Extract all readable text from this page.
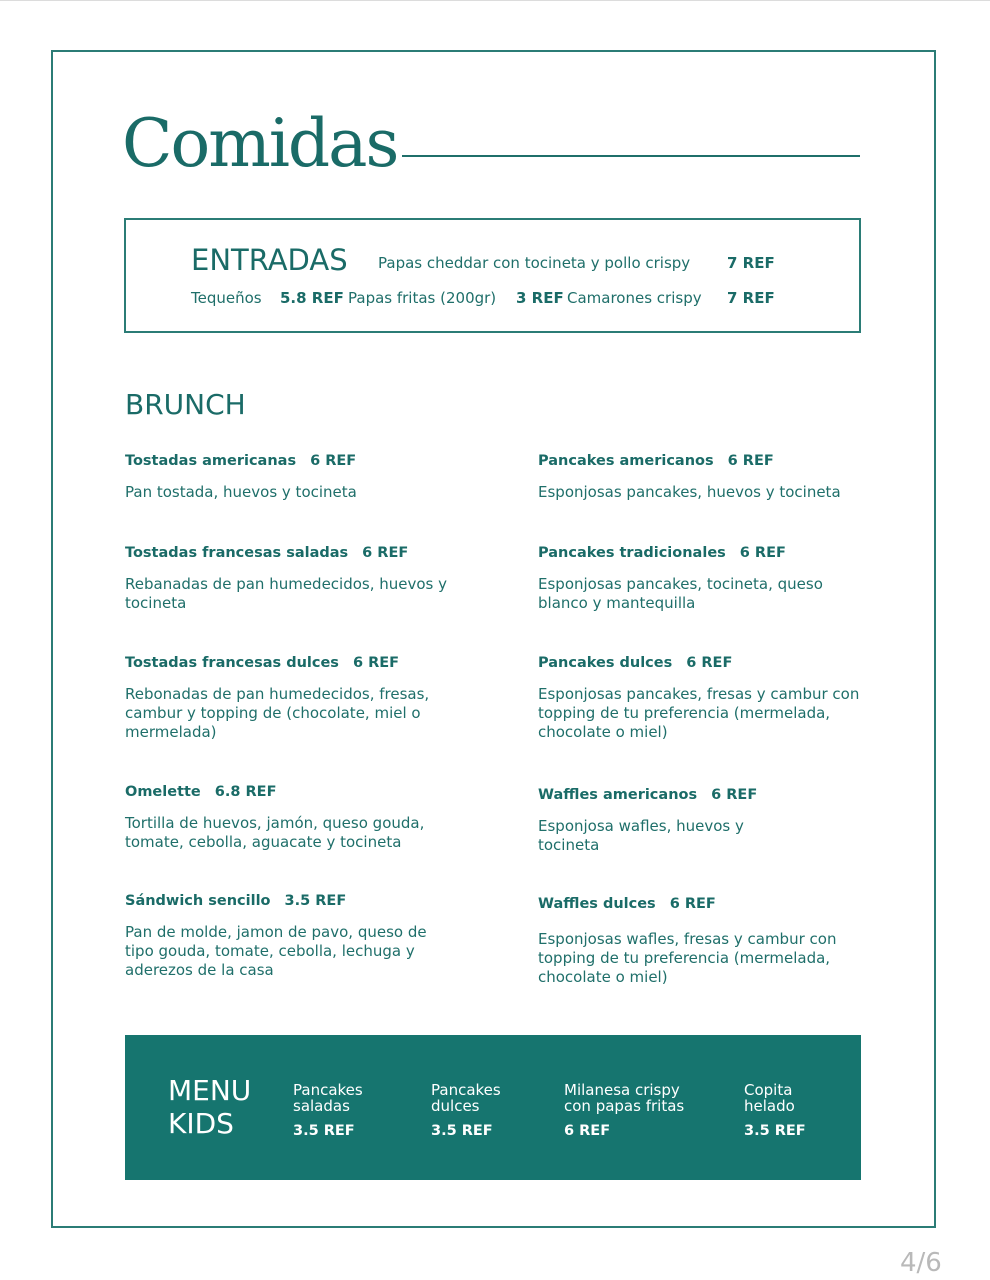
Comidas
ENTRADAS Papas cheddar con tocineta y pollo crispy 7 REF
Tequeños 5.8 REF Papas fritas (200gr) 3 REF Camarones crispy 7 REF
BRUNCH
Tostadas americanas 6 REF
Pan tostada, huevos y tocineta
Pancakes americanos 6 REF
Esponjosas pancakes, huevos y tocineta
Tostadas francesas saladas 6 REF
Rebanadas de pan humedecidos, huevos y tocineta
Pancakes tradicionales 6 REF
Esponjosas pancakes, tocineta, queso blanco y mantequilla
Tostadas francesas dulces 6 REF
Rebonadas de pan humedecidos, fresas, cambur y topping de (chocolate, miel o mermelada)
Pancakes dulces 6 REF
Esponjosas pancakes, fresas y cambur con topping de tu preferencia (mermelada, chocolate o miel)
Omelette 6.8 REF
Tortilla de huevos, jamón, queso gouda, tomate, cebolla, aguacate y tocineta
Waffles americanos 6 REF
Esponjosa wafles, huevos y tocineta
Sándwich sencillo 3.5 REF
Pan de molde, jamon de pavo, queso de tipo gouda, tomate, cebolla, lechuga y aderezos de la casa
Waffles dulces 6 REF
Esponjosas wafles, fresas y cambur con topping de tu preferencia (mermelada, chocolate o miel)
MENU
KIDS
Pancakes
saladas
3.5 REF
Pancakes
dulces
3.5 REF
Milanesa crispy
con papas fritas
6 REF
Copita
helado
3.5 REF
4/6
